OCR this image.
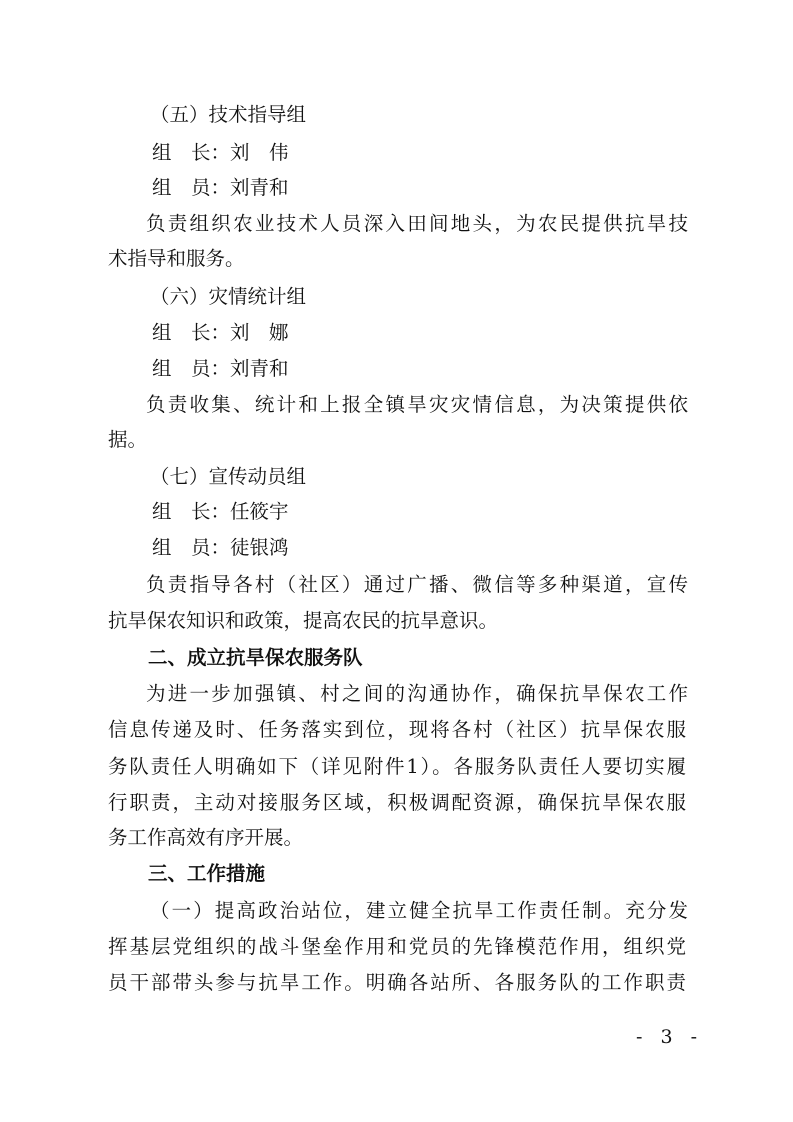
（五）技术指导组
组　长：刘　伟
组　员：刘青和
负责组织农业技术人员深入田间地头，为农民提供抗旱技
术指导和服务。
（六）灾情统计组
组　长：刘　娜
组　员：刘青和
负责收集、统计和上报全镇旱灾灾情信息，为决策提供依
据。
（七）宣传动员组
组　长：任筱宇
组　员：徒银鸿
负责指导各村（社区）通过广播、微信等多种渠道，宣传
抗旱保农知识和政策，提高农民的抗旱意识。
二、成立抗旱保农服务队
为进一步加强镇、村之间的沟通协作，确保抗旱保农工作
信息传递及时、任务落实到位，现将各村（社区）抗旱保农服
务队责任人明确如下（详见附件1）。各服务队责任人要切实履
行职责，主动对接服务区域，积极调配资源，确保抗旱保农服
务工作高效有序开展。
三、工作措施
（一）提高政治站位，建立健全抗旱工作责任制。充分发
挥基层党组织的战斗堡垒作用和党员的先锋模范作用，组织党
员干部带头参与抗旱工作。明确各站所、各服务队的工作职责
- 3 -
